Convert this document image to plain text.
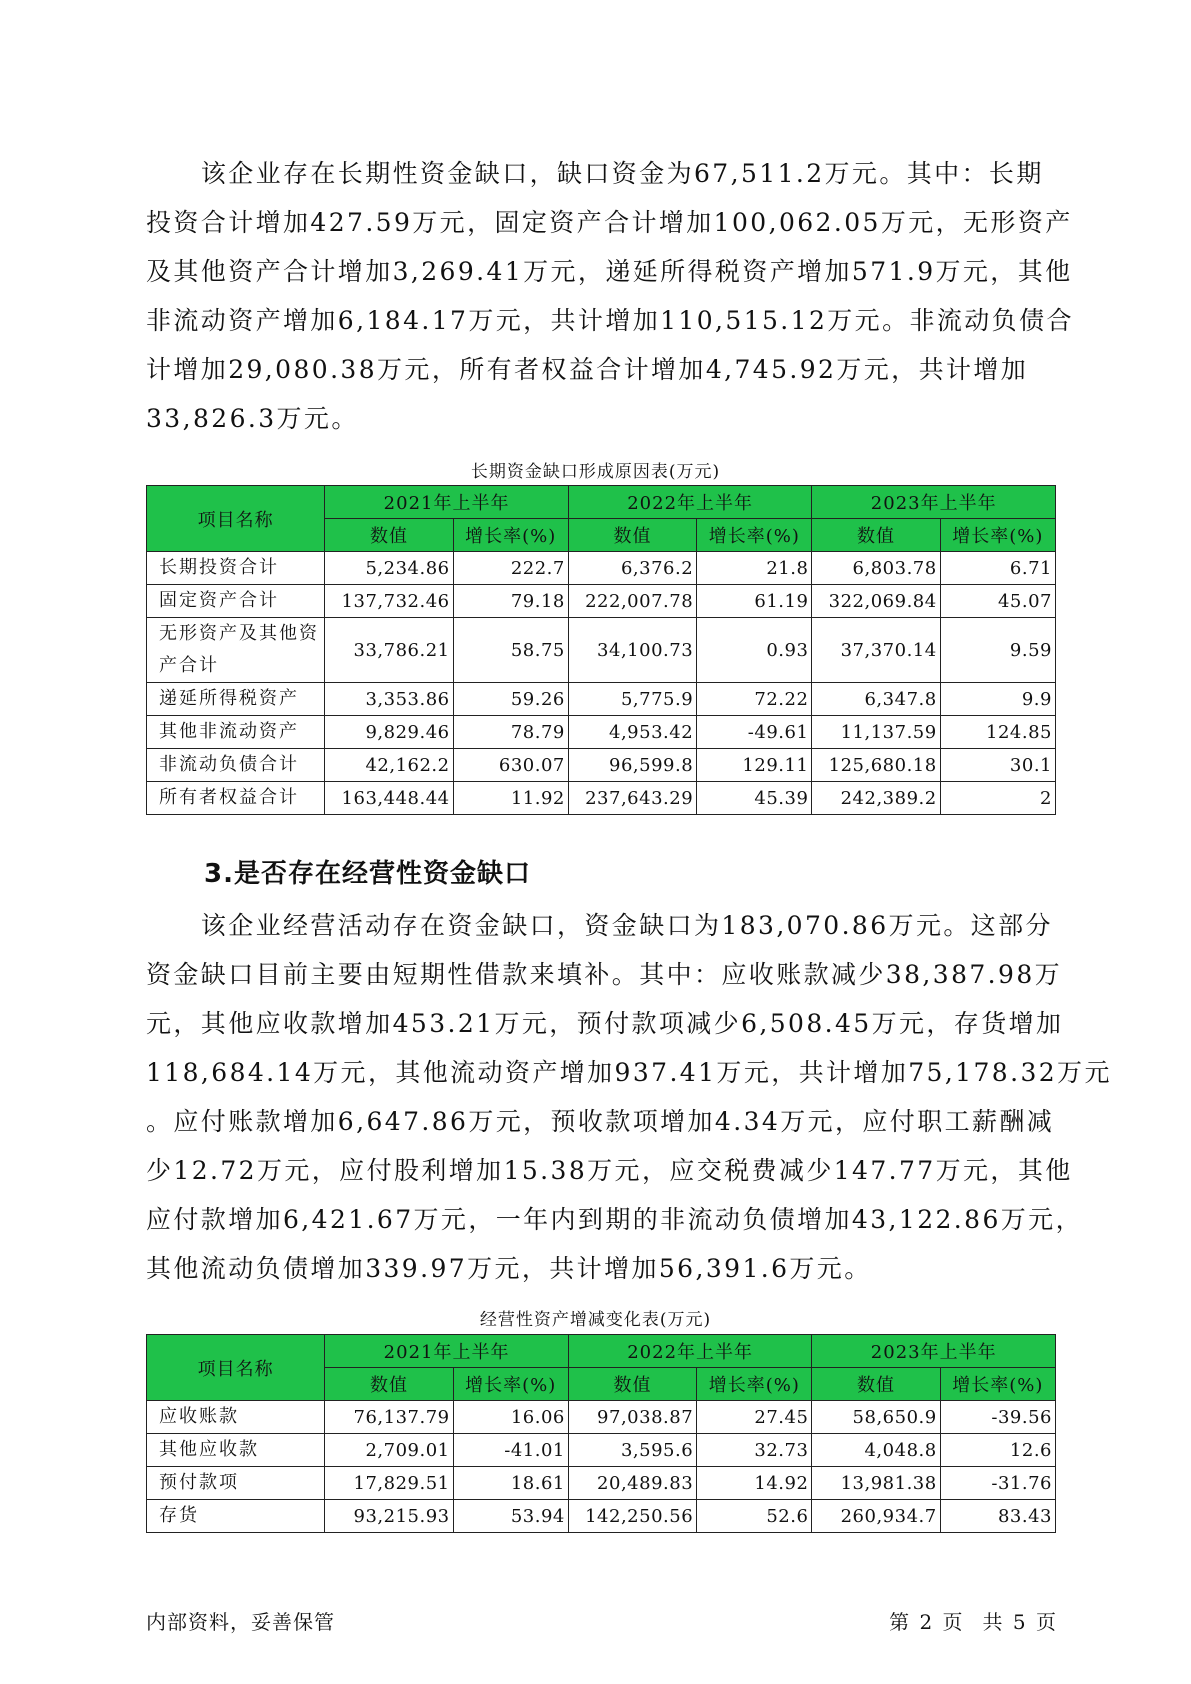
　　该企业存在长期性资金缺口，缺口资金为67,511.2万元。其中：长期
投资合计增加427.59万元，固定资产合计增加100,062.05万元，无形资产
及其他资产合计增加3,269.41万元，递延所得税资产增加571.9万元，其他
非流动资产增加6,184.17万元，共计增加110,515.12万元。非流动负债合
计增加29,080.38万元，所有者权益合计增加4,745.92万元，共计增加
33,826.3万元。
长期资金缺口形成原因表(万元)
项目名称	2021年上半年		2022年上半年		2023年上半年	
	数值	增长率(%)	数值	增长率(%)	数值	增长率(%)
长期投资合计	5,234.86	222.7	6,376.2	21.8	6,803.78	6.71
固定资产合计	137,732.46	79.18	222,007.78	61.19	322,069.84	45.07
无形资产及其他资
产合计	33,786.21	58.75	34,100.73	0.93	37,370.14	9.59
递延所得税资产	3,353.86	59.26	5,775.9	72.22	6,347.8	9.9
其他非流动资产	9,829.46	78.79	4,953.42	-49.61	11,137.59	124.85
非流动负债合计	42,162.2	630.07	96,599.8	129.11	125,680.18	30.1
所有者权益合计	163,448.44	11.92	237,643.29	45.39	242,389.2	2
3.是否存在经营性资金缺口
　　该企业经营活动存在资金缺口，资金缺口为183,070.86万元。这部分
资金缺口目前主要由短期性借款来填补。其中：应收账款减少38,387.98万
元，其他应收款增加453.21万元，预付款项减少6,508.45万元，存货增加
118,684.14万元，其他流动资产增加937.41万元，共计增加75,178.32万元
。应付账款增加6,647.86万元，预收款项增加4.34万元，应付职工薪酬减
少12.72万元，应付股利增加15.38万元，应交税费减少147.77万元，其他
应付款增加6,421.67万元，一年内到期的非流动负债增加43,122.86万元，
其他流动负债增加339.97万元，共计增加56,391.6万元。
经营性资产增减变化表(万元)
项目名称	2021年上半年		2022年上半年		2023年上半年	
	数值	增长率(%)	数值	增长率(%)	数值	增长率(%)
应收账款	76,137.79	16.06	97,038.87	27.45	58,650.9	-39.56
其他应收款	2,709.01	-41.01	3,595.6	32.73	4,048.8	12.6
预付款项	17,829.51	18.61	20,489.83	14.92	13,981.38	-31.76
存货	93,215.93	53.94	142,250.56	52.6	260,934.7	83.43
内部资料，妥善保管	第 2 页　共 5 页
